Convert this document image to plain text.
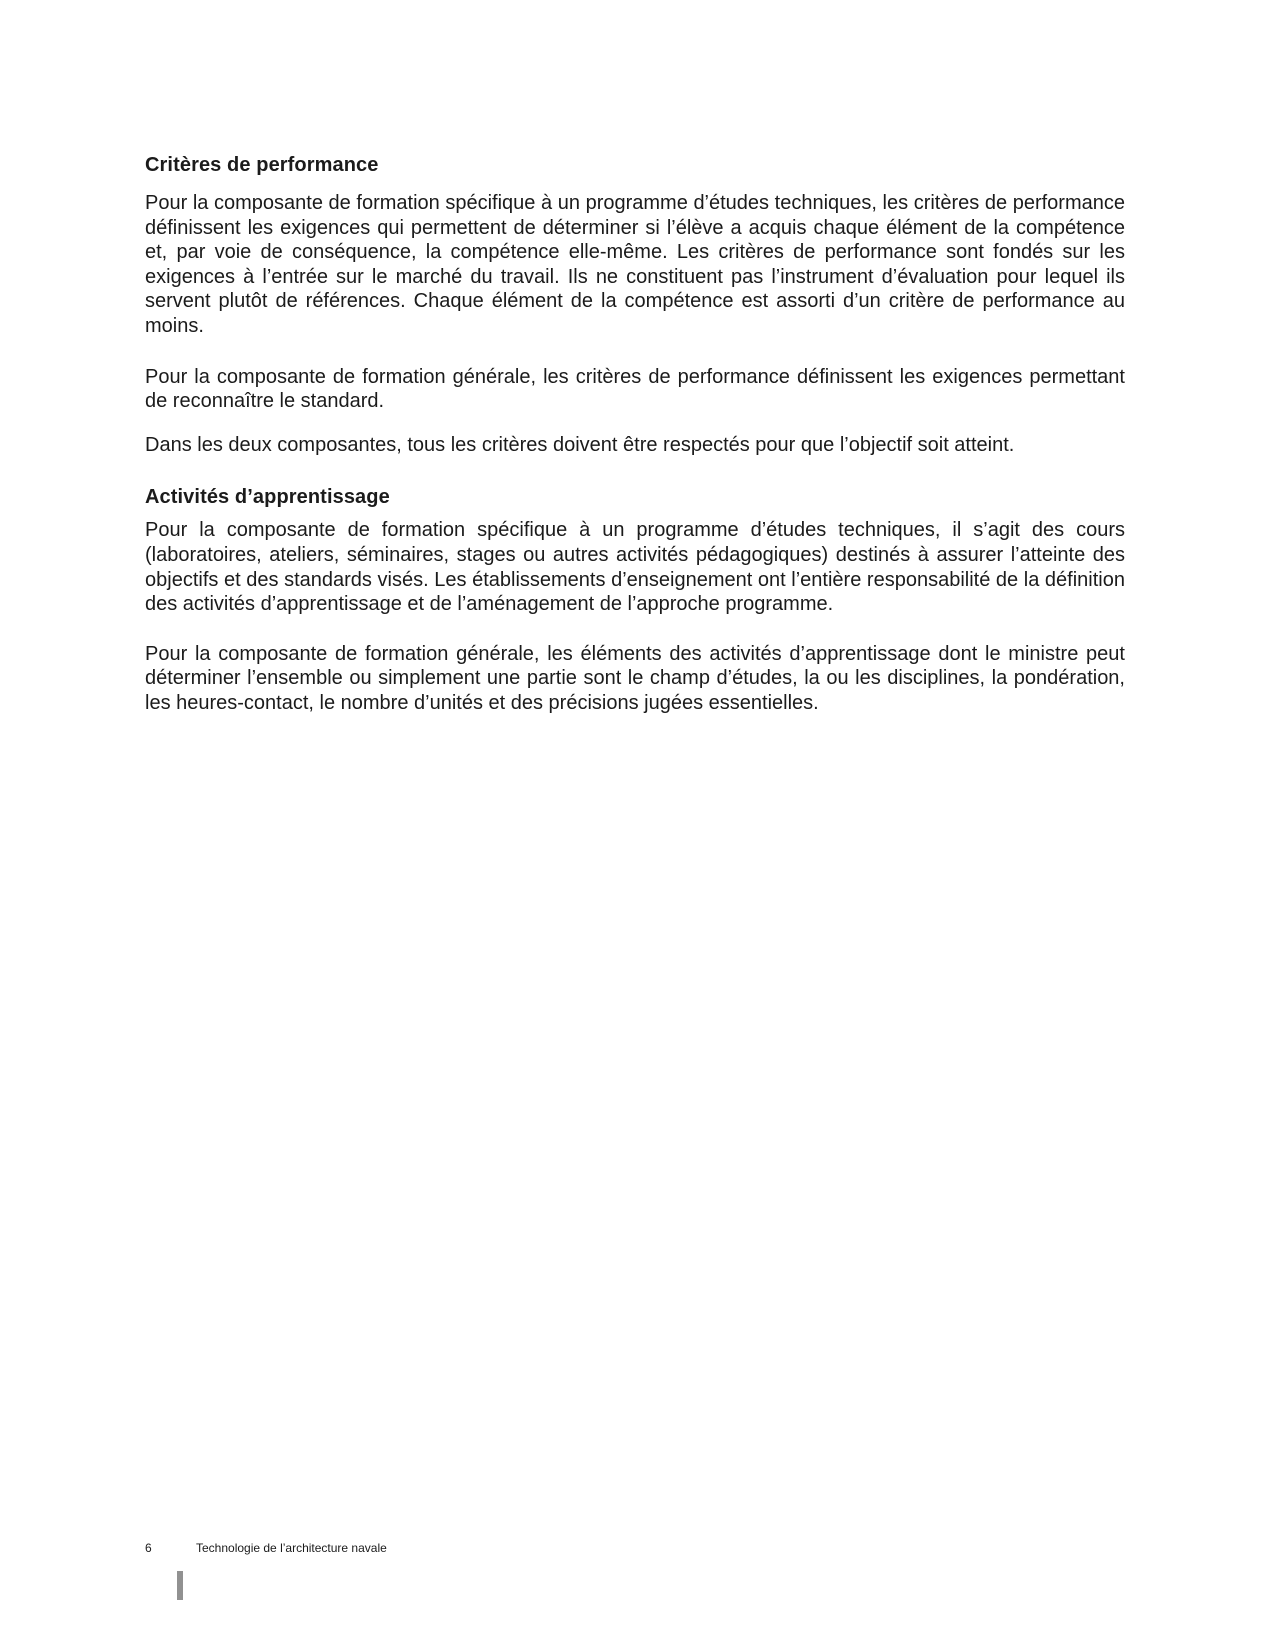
Critères de performance

Pour la composante de formation spécifique à un programme d’études techniques, les critères de performance définissent les exigences qui permettent de déterminer si l’élève a acquis chaque élément de la compétence et, par voie de conséquence, la compétence elle-même. Les critères de performance sont fondés sur les exigences à l’entrée sur le marché du travail. Ils ne constituent pas l’instrument d’évaluation pour lequel ils servent plutôt de références. Chaque élément de la compétence est assorti d’un critère de performance au moins.

Pour la composante de formation générale, les critères de performance définissent les exigences permettant de reconnaître le standard.

Dans les deux composantes, tous les critères doivent être respectés pour que l’objectif soit atteint.

Activités d’apprentissage

Pour la composante de formation spécifique à un programme d’études techniques, il s’agit des cours (laboratoires, ateliers, séminaires, stages ou autres activités pédagogiques) destinés à assurer l’atteinte des objectifs et des standards visés. Les établissements d’enseignement ont l’entière responsabilité de la définition des activités d’apprentissage et de l’aménagement de l’approche programme.

Pour la composante de formation générale, les éléments des activités d’apprentissage dont le ministre peut déterminer l’ensemble ou simplement une partie sont le champ d’études, la ou les disciplines, la pondération, les heures-contact, le nombre d’unités et des précisions jugées essentielles.

6	Technologie de l’architecture navale
